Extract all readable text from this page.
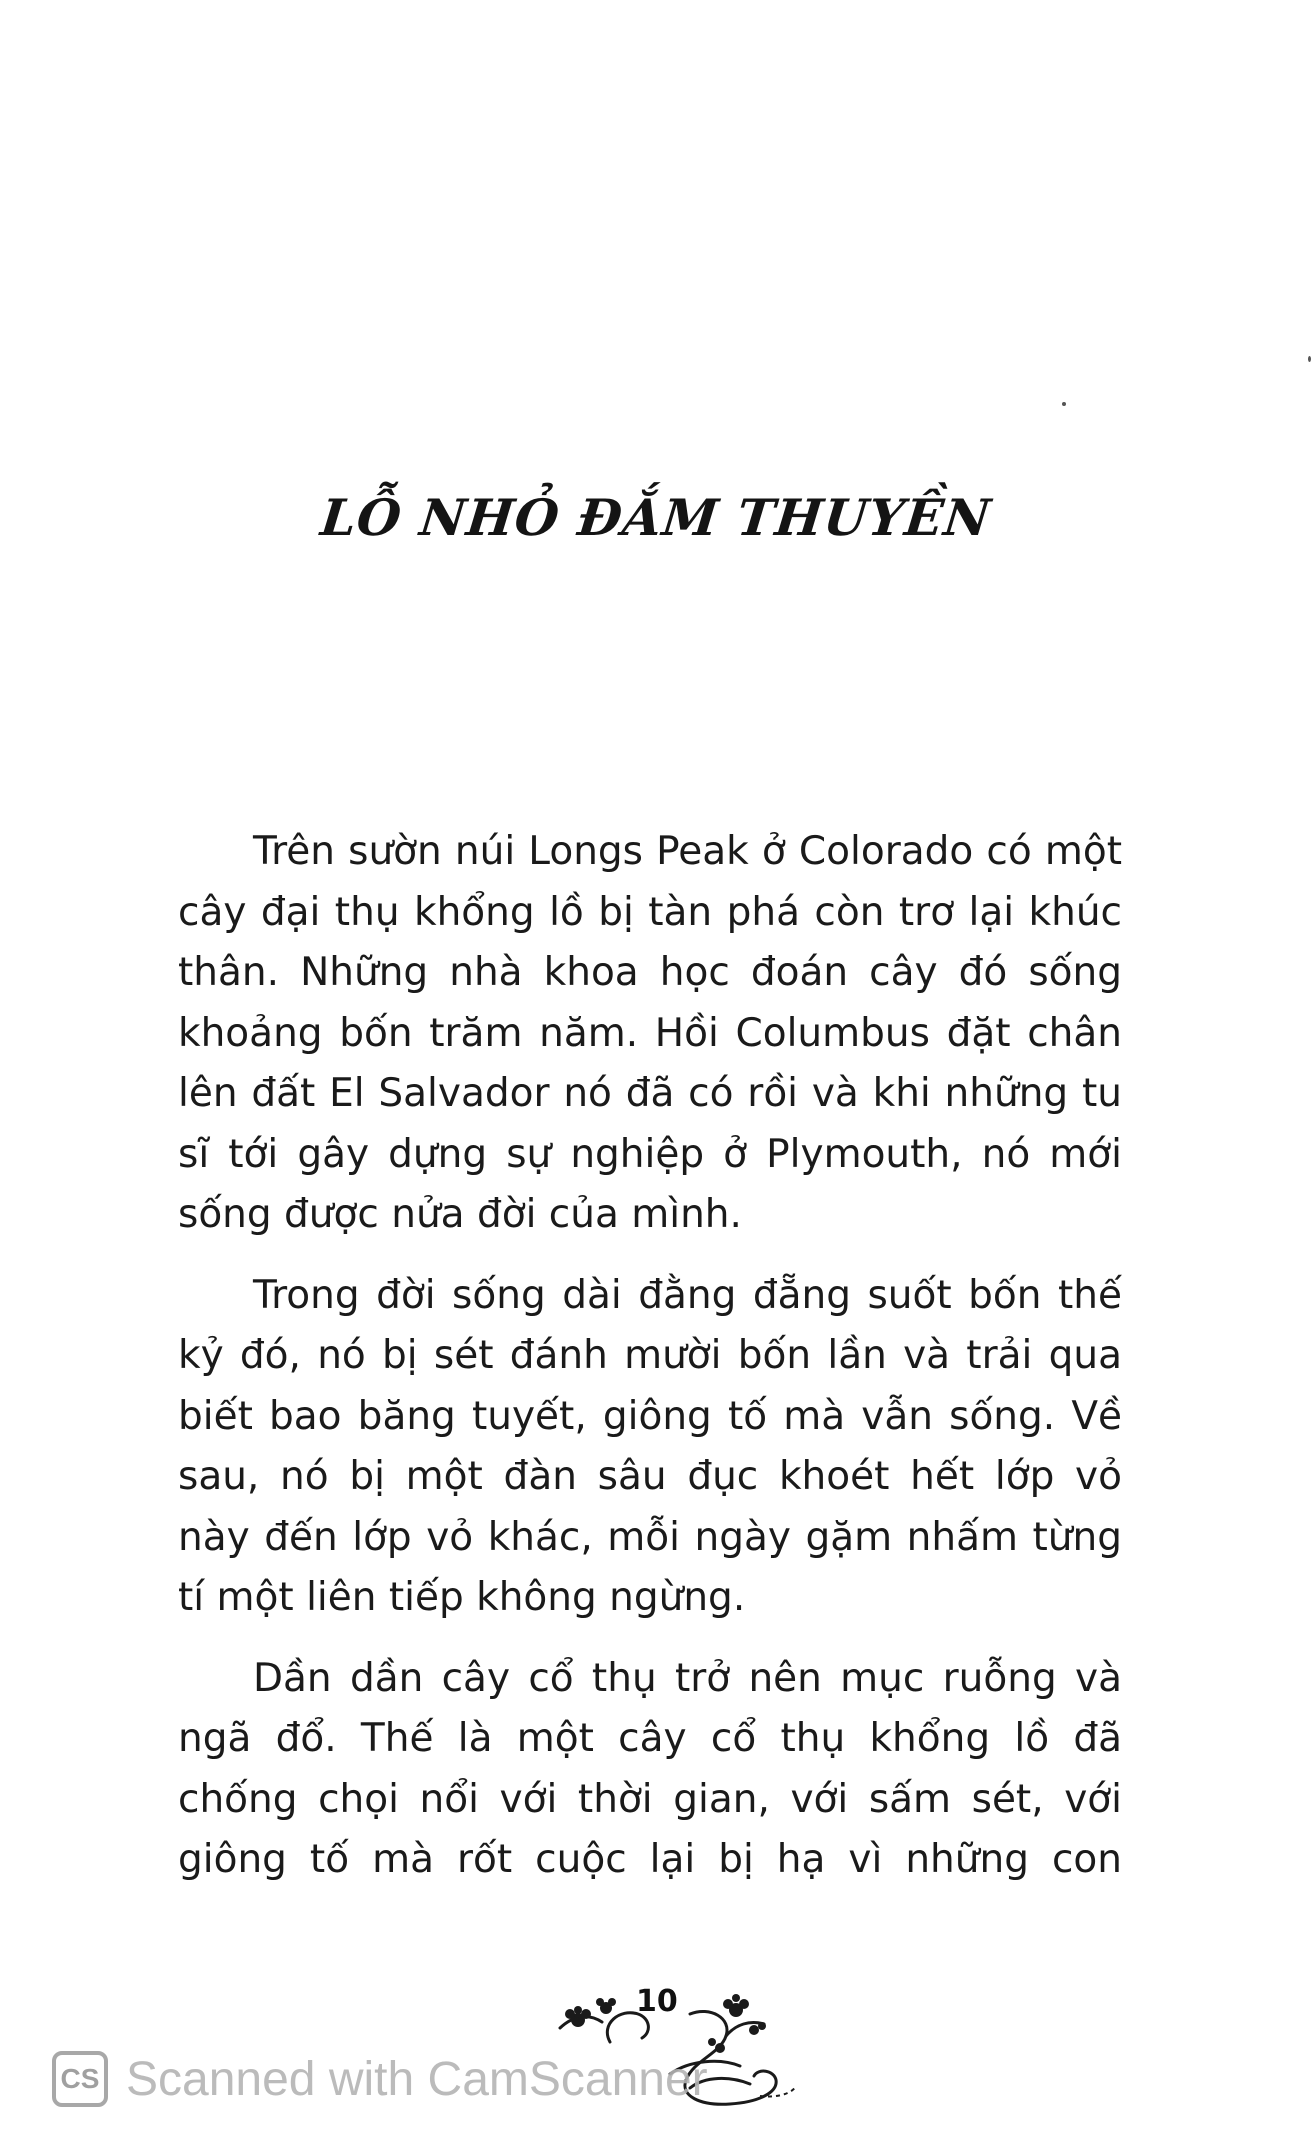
LỖ NHỎ ĐẮM THUYỀN

Trên sườn núi Longs Peak ở Colorado có một cây đại thụ khổng lồ bị tàn phá còn trơ lại khúc thân. Những nhà khoa học đoán cây đó sống khoảng bốn trăm năm. Hồi Columbus đặt chân lên đất El Salvador nó đã có rồi và khi những tu sĩ tới gây dựng sự nghiệp ở Plymouth, nó mới sống được nửa đời của mình.

Trong đời sống dài đằng đẵng suốt bốn thế kỷ đó, nó bị sét đánh mười bốn lần và trải qua biết bao băng tuyết, giông tố mà vẫn sống. Về sau, nó bị một đàn sâu đục khoét hết lớp vỏ này đến lớp vỏ khác, mỗi ngày gặm nhấm từng tí một liên tiếp không ngừng.

Dần dần cây cổ thụ trở nên mục ruỗng và ngã đổ. Thế là một cây cổ thụ khổng lồ đã chống chọi nổi với thời gian, với sấm sét, với giông tố mà rốt cuộc lại bị hạ vì những con

10
CS Scanned with CamScanner
